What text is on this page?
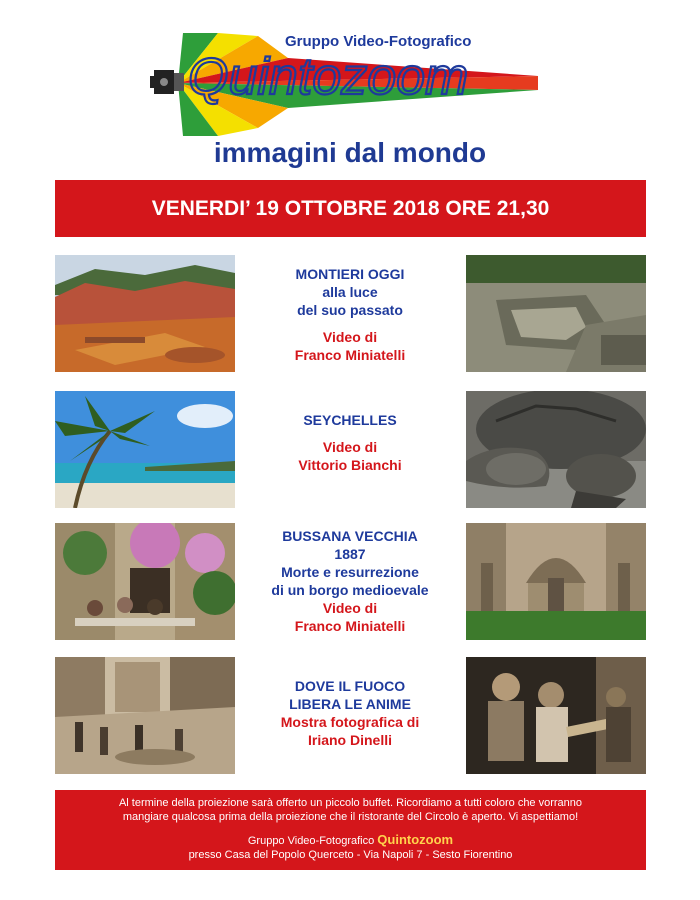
Quintozoom
Gruppo Video-Fotografico
immagini dal mondo
VENERDI’ 19 OTTOBRE 2018 ORE 21,30
MONTIERI OGGI
alla luce
del suo passato
Video di
Franco Miniatelli
SEYCHELLES
Video di
Vittorio Bianchi
BUSSANA VECCHIA
1887
Morte e resurrezione
di un borgo medioevale
Video di
Franco Miniatelli
DOVE IL FUOCO
LIBERA LE ANIME
Mostra fotografica di
Iriano Dinelli
Al termine della proiezione sarà offerto un piccolo buffet. Ricordiamo a tutti coloro che vorranno
mangiare qualcosa prima della proiezione che il ristorante del Circolo è aperto. Vi aspettiamo!
Gruppo Video-Fotografico Quintozoom
presso Casa del Popolo Querceto - Via Napoli 7 - Sesto Fiorentino
